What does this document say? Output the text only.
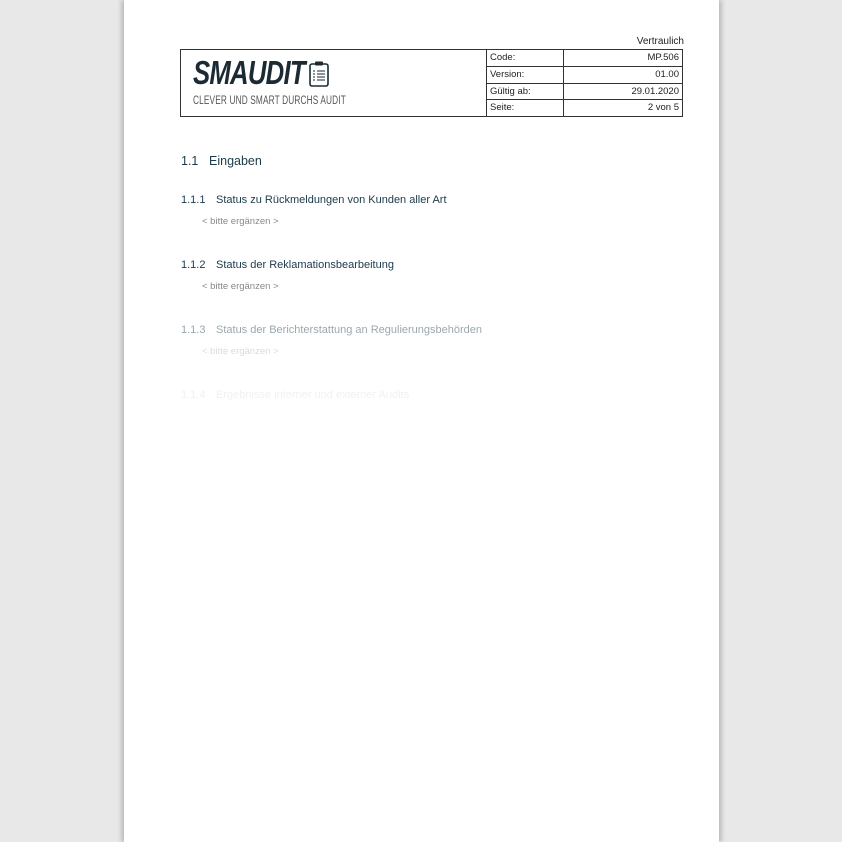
Vertraulich
SMAUDIT
CLEVER UND SMART DURCHS AUDIT
Code:	MP.506
Version:	01.00
Gültig ab:	29.01.2020
Seite:	2 von 5
1.1 Eingaben
1.1.1 Status zu Rückmeldungen von Kunden aller Art
< bitte ergänzen >
1.1.2 Status der Reklamationsbearbeitung
< bitte ergänzen >
1.1.3 Status der Berichterstattung an Regulierungsbehörden
< bitte ergänzen >
1.1.4 Ergebnisse interner und externer Audits
